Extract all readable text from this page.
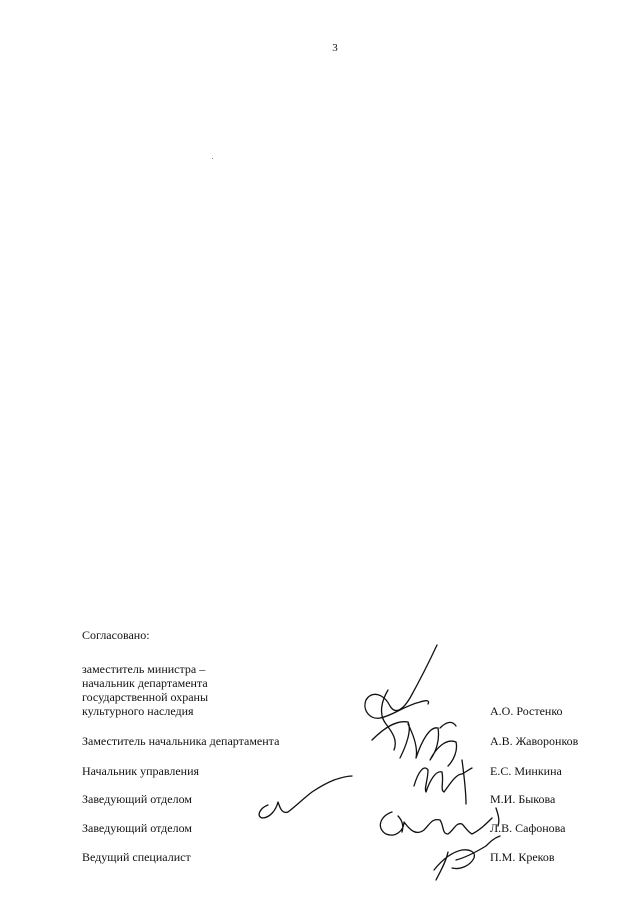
3
Согласовано:
заместитель министра –
начальник департамента
государственной охраны
культурного наследия	А.О. Ростенко
Заместитель начальника департамента	А.В. Жаворонков
Начальник управления	Е.С. Минкина
Заведующий отделом	М.И. Быкова
Заведующий отделом	Л.В. Сафонова
Ведущий специалист	П.М. Креков
